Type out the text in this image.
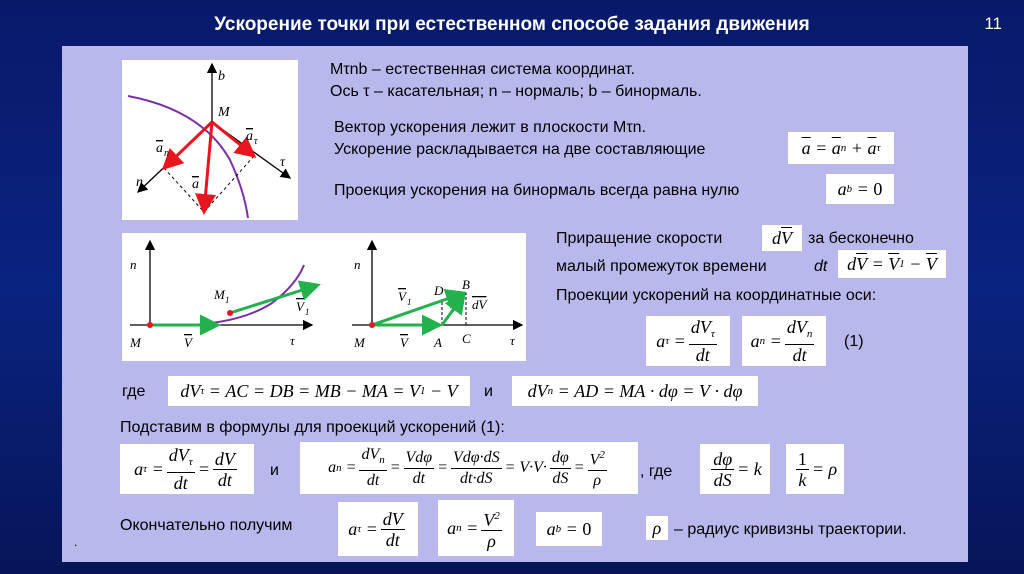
Ускорение точки при естественном способе задания движения	11
b
M
a τ
a n
n	a
τ
n
M 1	V 1
M	V	τ
n
V 1
D B
dV
M	V A C	τ
Mτnb – естественная система координат.
Ось τ – касательная; n – нормаль; b – бинормаль.
Вектор ускорения лежит в плоскости Mτn.
Ускорение раскладывается на две составляющие
Проекция ускорения на бинормаль всегда равна нулю
Приращение скорости	за бесконечно
малый промежуток времени	dt
Проекции ускорений на координатные оси:
(1)
где	и
Подставим в формулы для проекций ускорений (1):
и	, где
Окончательно получим	– радиус кривизны траектории.
.
$\overline{a} = \overline{a}$ $n + \overline{a}$ τ
a b = 0
d $\overline{V}$
d $\overline{V} = \overline{V}$ $1 - \overline{V}$
a $\tau = \frac{dV_\tau}{dt}$	a $n = \frac{dV_n}{dt}$
dV τ = AC = DB = MB − MA = V 1 − V	dV n = AD = MA · dφ = V · dφ
a $\tau = \frac{dV_\tau}{dt} = \frac{dV}{dt}$	a $n = \frac{dV_n}{dt} = \frac{\text{Vdφ}}{dt} = \frac{\text{Vdφ·dS}}{dt\cdot dS} = V\cdot V\cdot \frac{d\varphi}{dS} = \frac{V^2}{\rho}$	$\frac{d\varphi}{dS} = k$	$\frac{1}{k} = \rho$
a $\tau = \frac{dV}{dt}$	a $n = \frac{V^2}{\rho}$	a b = 0	ρ
